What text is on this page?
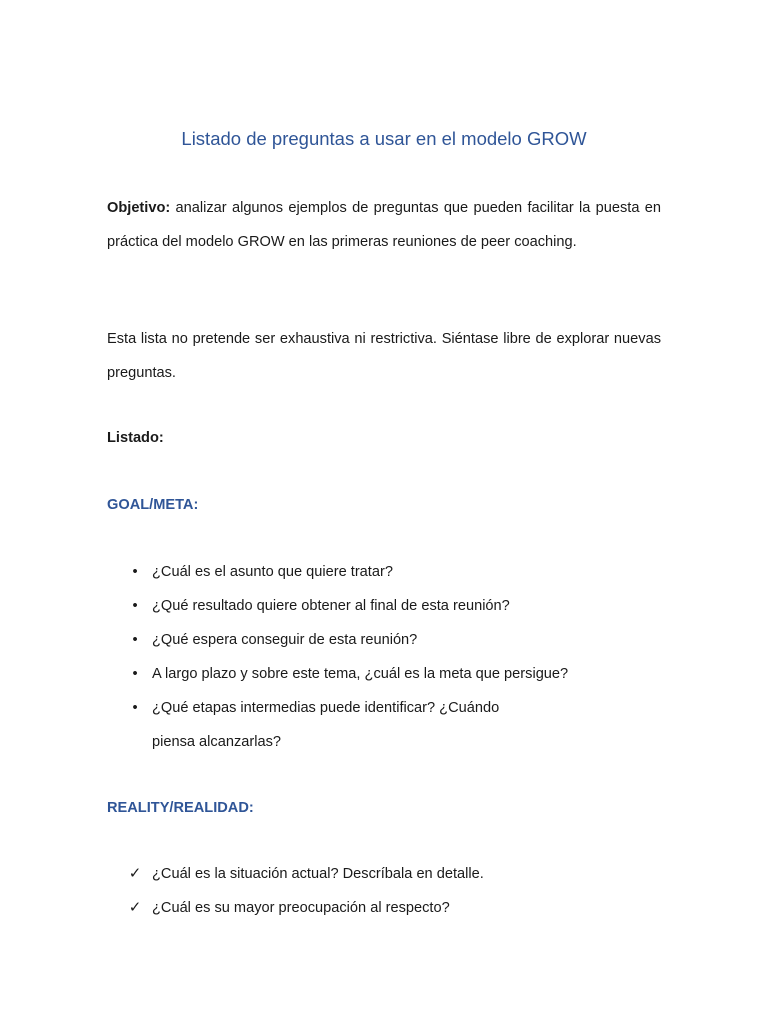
Listado de preguntas a usar en el modelo GROW

Objetivo: analizar algunos ejemplos de preguntas que pueden facilitar la puesta en práctica del modelo GROW en las primeras reuniones de peer coaching.

Esta lista no pretende ser exhaustiva ni restrictiva. Siéntase libre de explorar nuevas preguntas.

Listado:
GOAL/META:
• ¿Cuál es el asunto que quiere tratar?
• ¿Qué resultado quiere obtener al final de esta reunión?
• ¿Qué espera conseguir de esta reunión?
• A largo plazo y sobre este tema, ¿cuál es la meta que persigue?
• ¿Qué etapas intermedias puede identificar? ¿Cuándo piensa alcanzarlas?
REALITY/REALIDAD:
✓ ¿Cuál es la situación actual? Descríbala en detalle.
✓ ¿Cuál es su mayor preocupación al respecto?
